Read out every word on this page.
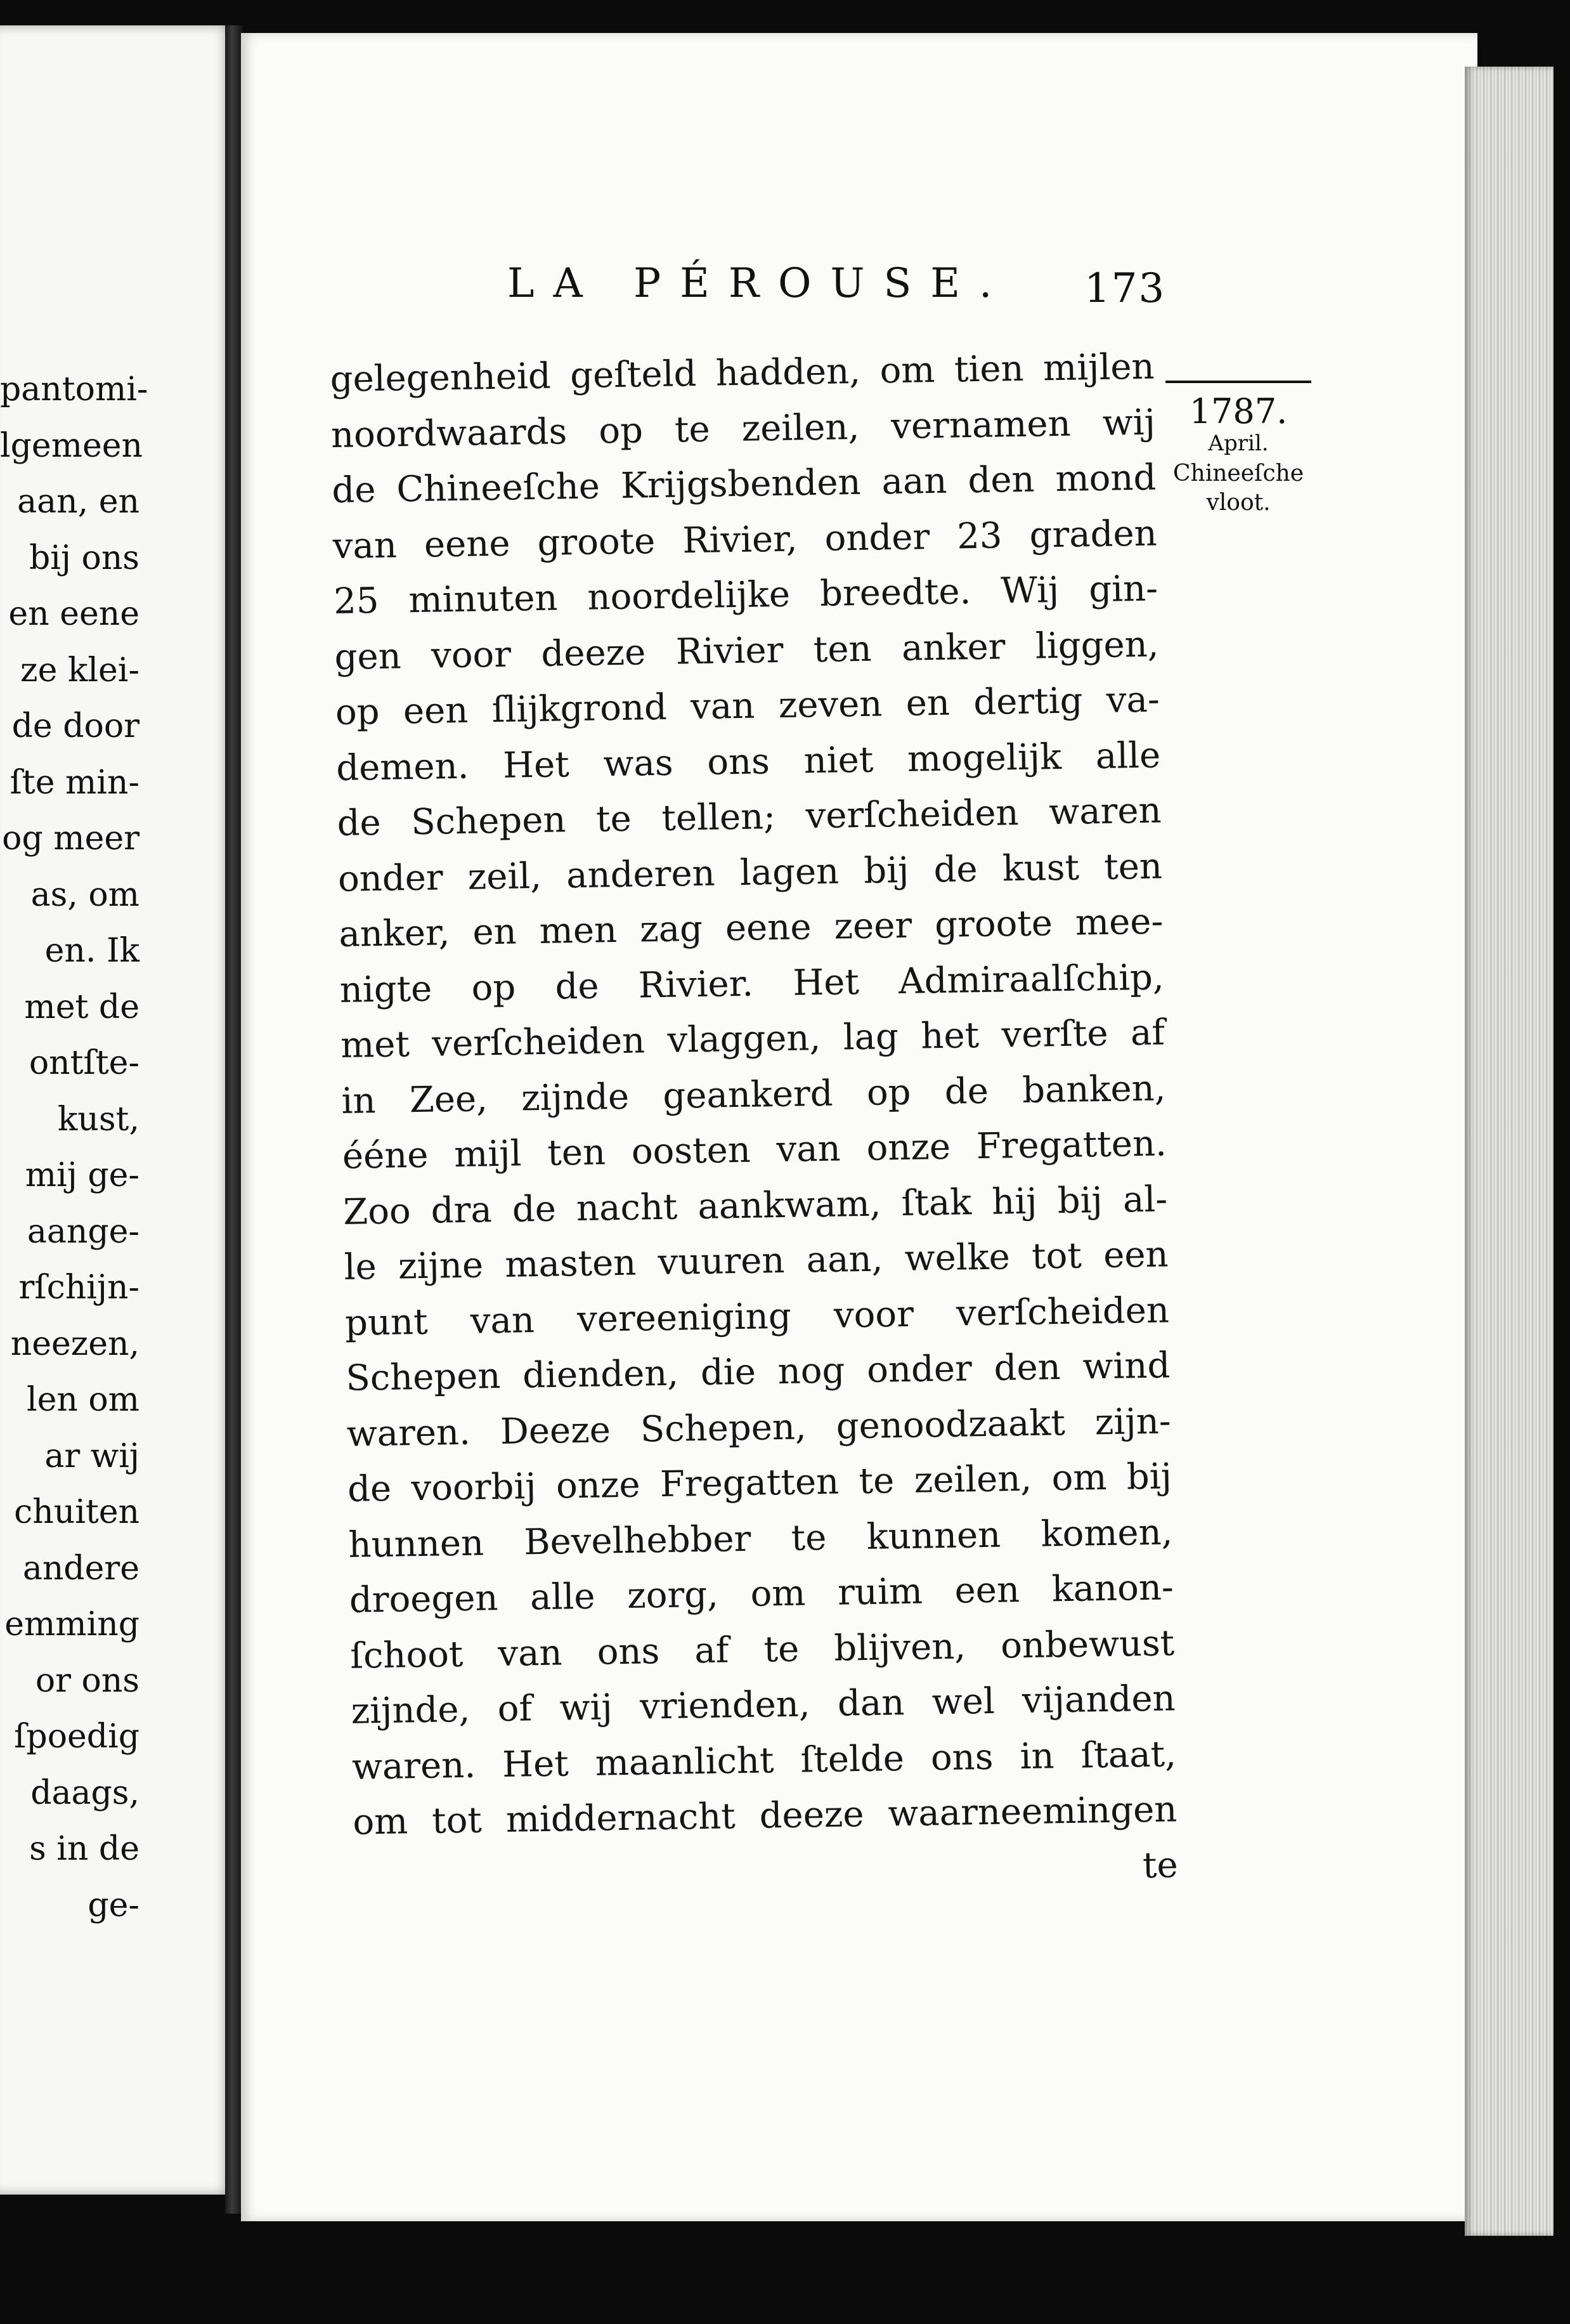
pantomi-
lgemeen
aan, en
bij ons
en eene
ze klei-
de door
ſte min-
og meer
as, om
en. Ik
met de
ontſte-
kust,
mij ge-
aange-
rſchijn-
neezen,
len om
ar wij
chuiten
andere
emming
or ons
ſpoedig
daags,
s in de
ge-
LA PÉROUSE. 173
gelegenheid geſteld hadden, om tien mijlen
noordwaards op te zeilen, vernamen wij
de Chineeſche Krijgsbenden aan den mond
van eene groote Rivier, onder 23 graden
25 minuten noordelijke breedte. Wij gin-
gen voor deeze Rivier ten anker liggen,
op een ſlijkgrond van zeven en dertig va-
demen. Het was ons niet mogelijk alle
de Schepen te tellen; verſcheiden waren
onder zeil, anderen lagen bij de kust ten
anker, en men zag eene zeer groote mee-
nigte op de Rivier. Het Admiraalſchip,
met verſcheiden vlaggen, lag het verſte af
in Zee, zijnde geankerd op de banken,
ééne mijl ten oosten van onze Fregatten.
Zoo dra de nacht aankwam, ſtak hij bij al-
le zijne masten vuuren aan, welke tot een
punt van vereeniging voor verſcheiden
Schepen dienden, die nog onder den wind
waren. Deeze Schepen, genoodzaakt zijn-
de voorbij onze Fregatten te zeilen, om bij
hunnen Bevelhebber te kunnen komen,
droegen alle zorg, om ruim een kanon-
ſchoot van ons af te blijven, onbewust
zijnde, of wij vrienden, dan wel vijanden
waren. Het maanlicht ſtelde ons in ſtaat,
om tot middernacht deeze waarneemingen
te
1787.
April.
Chineeſche vloot.
